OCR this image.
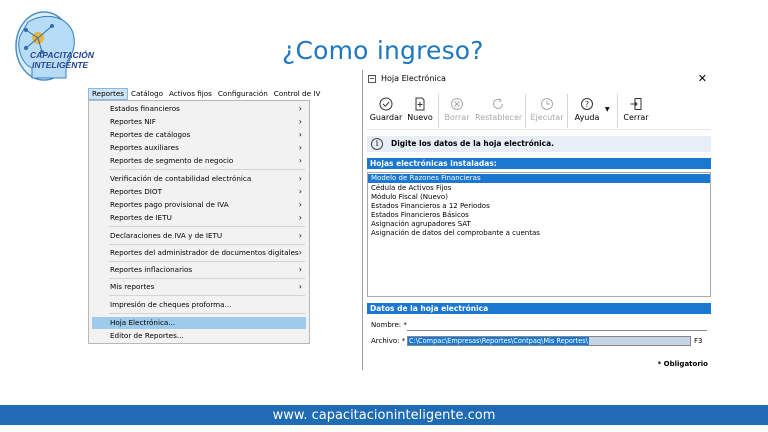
CAPACITACIÓN
INTELIGENTE	¿Como ingreso?
Reportes Catálogo Activos fijos Configuración Control de IV
Estados financieros	›
Reportes NIF	›
Reportes de catálogos	›
Reportes auxiliares	›
Reportes de segmento de negocio	›
Verificación de contabilidad electrónica	›
Reportes DIOT	›
Reportes pago provisional de IVA	›
Reportes de IETU	›
Declaraciones de IVA y de IETU	›
Reportes del administrador de documentos digitales ›
Reportes inflacionarios	›
Mis reportes	›
Impresión de cheques proforma...
Hoja Electrónica...
Editor de Reportes...
Hoja Electrónica	✕
Guardar Nuevo	Borrar Restablecer Ejecutar
?
Ayuda
▼
Cerrar
i	Digite los datos de la hoja electrónica.
Hojas electrónicas instaladas:
Modelo de Razones Financieras
Cédula de Activos Fijos
Módulo Fiscal (Nuevo)
Estados Financieros a 12 Periodos
Estados Financieros Básicos
Asignación agrupadores SAT
Asignación de datos del comprobante a cuentas
Datos de la hoja electrónica
Nombre: *
Archivo: * C:\Compac\Empresas\Reportes\Contpaq\Mis Reportes\	F3
* Obligatorio
www. capacitacioninteligente.com
